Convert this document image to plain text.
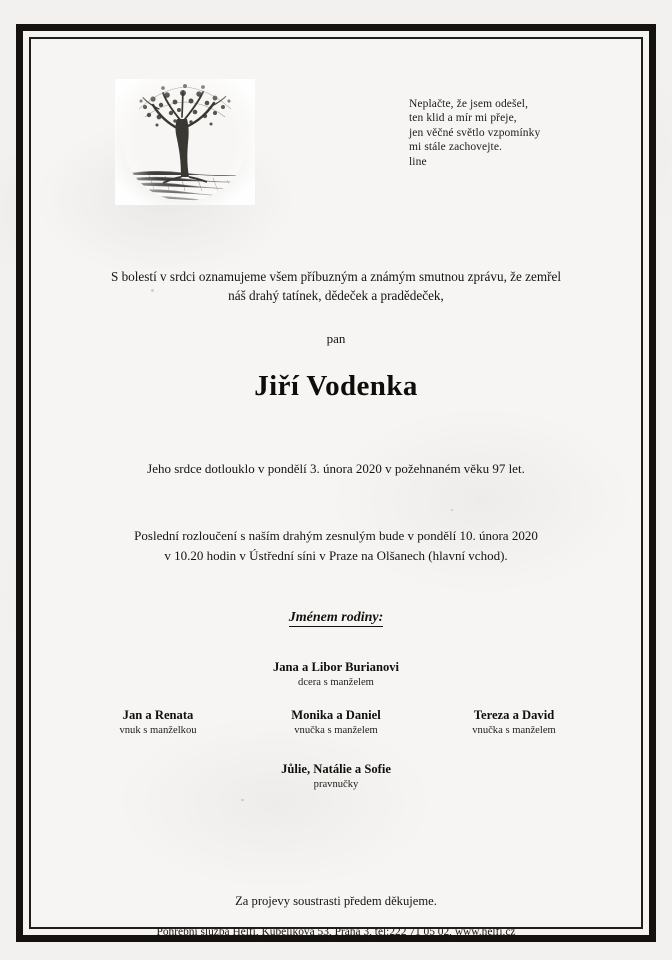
Neplačte, že jsem odešel,
ten klid a mír mi přeje,
jen věčné světlo vzpomínky
mi stále zachovejte.
line
S bolestí v srdci oznamujeme všem příbuzným a známým smutnou zprávu, že zemřel
náš drahý tatínek, dědeček a pradědeček,
pan
Jiří Vodenka
Jeho srdce dotlouklo v pondělí 3. února 2020 v požehnaném věku 97 let.
Poslední rozloučení s naším drahým zesnulým bude v pondělí 10. února 2020
v 10.20 hodin v Ústřední síni v Praze na Olšanech (hlavní vchod).
Jménem rodiny:
Jana a Libor Burianovi
dcera s manželem
Jan a Renata
vnuk s manželkou
Monika a Daniel
vnučka s manželem
Tereza a David
vnučka s manželem
Jůlie, Natálie a Sofie
pravnučky
Za projevy soustrasti předem děkujeme.
Pohřební služba Helfi, Kubelíkova 53, Praha 3, tel:222 71 05 02, www.helfi.cz
